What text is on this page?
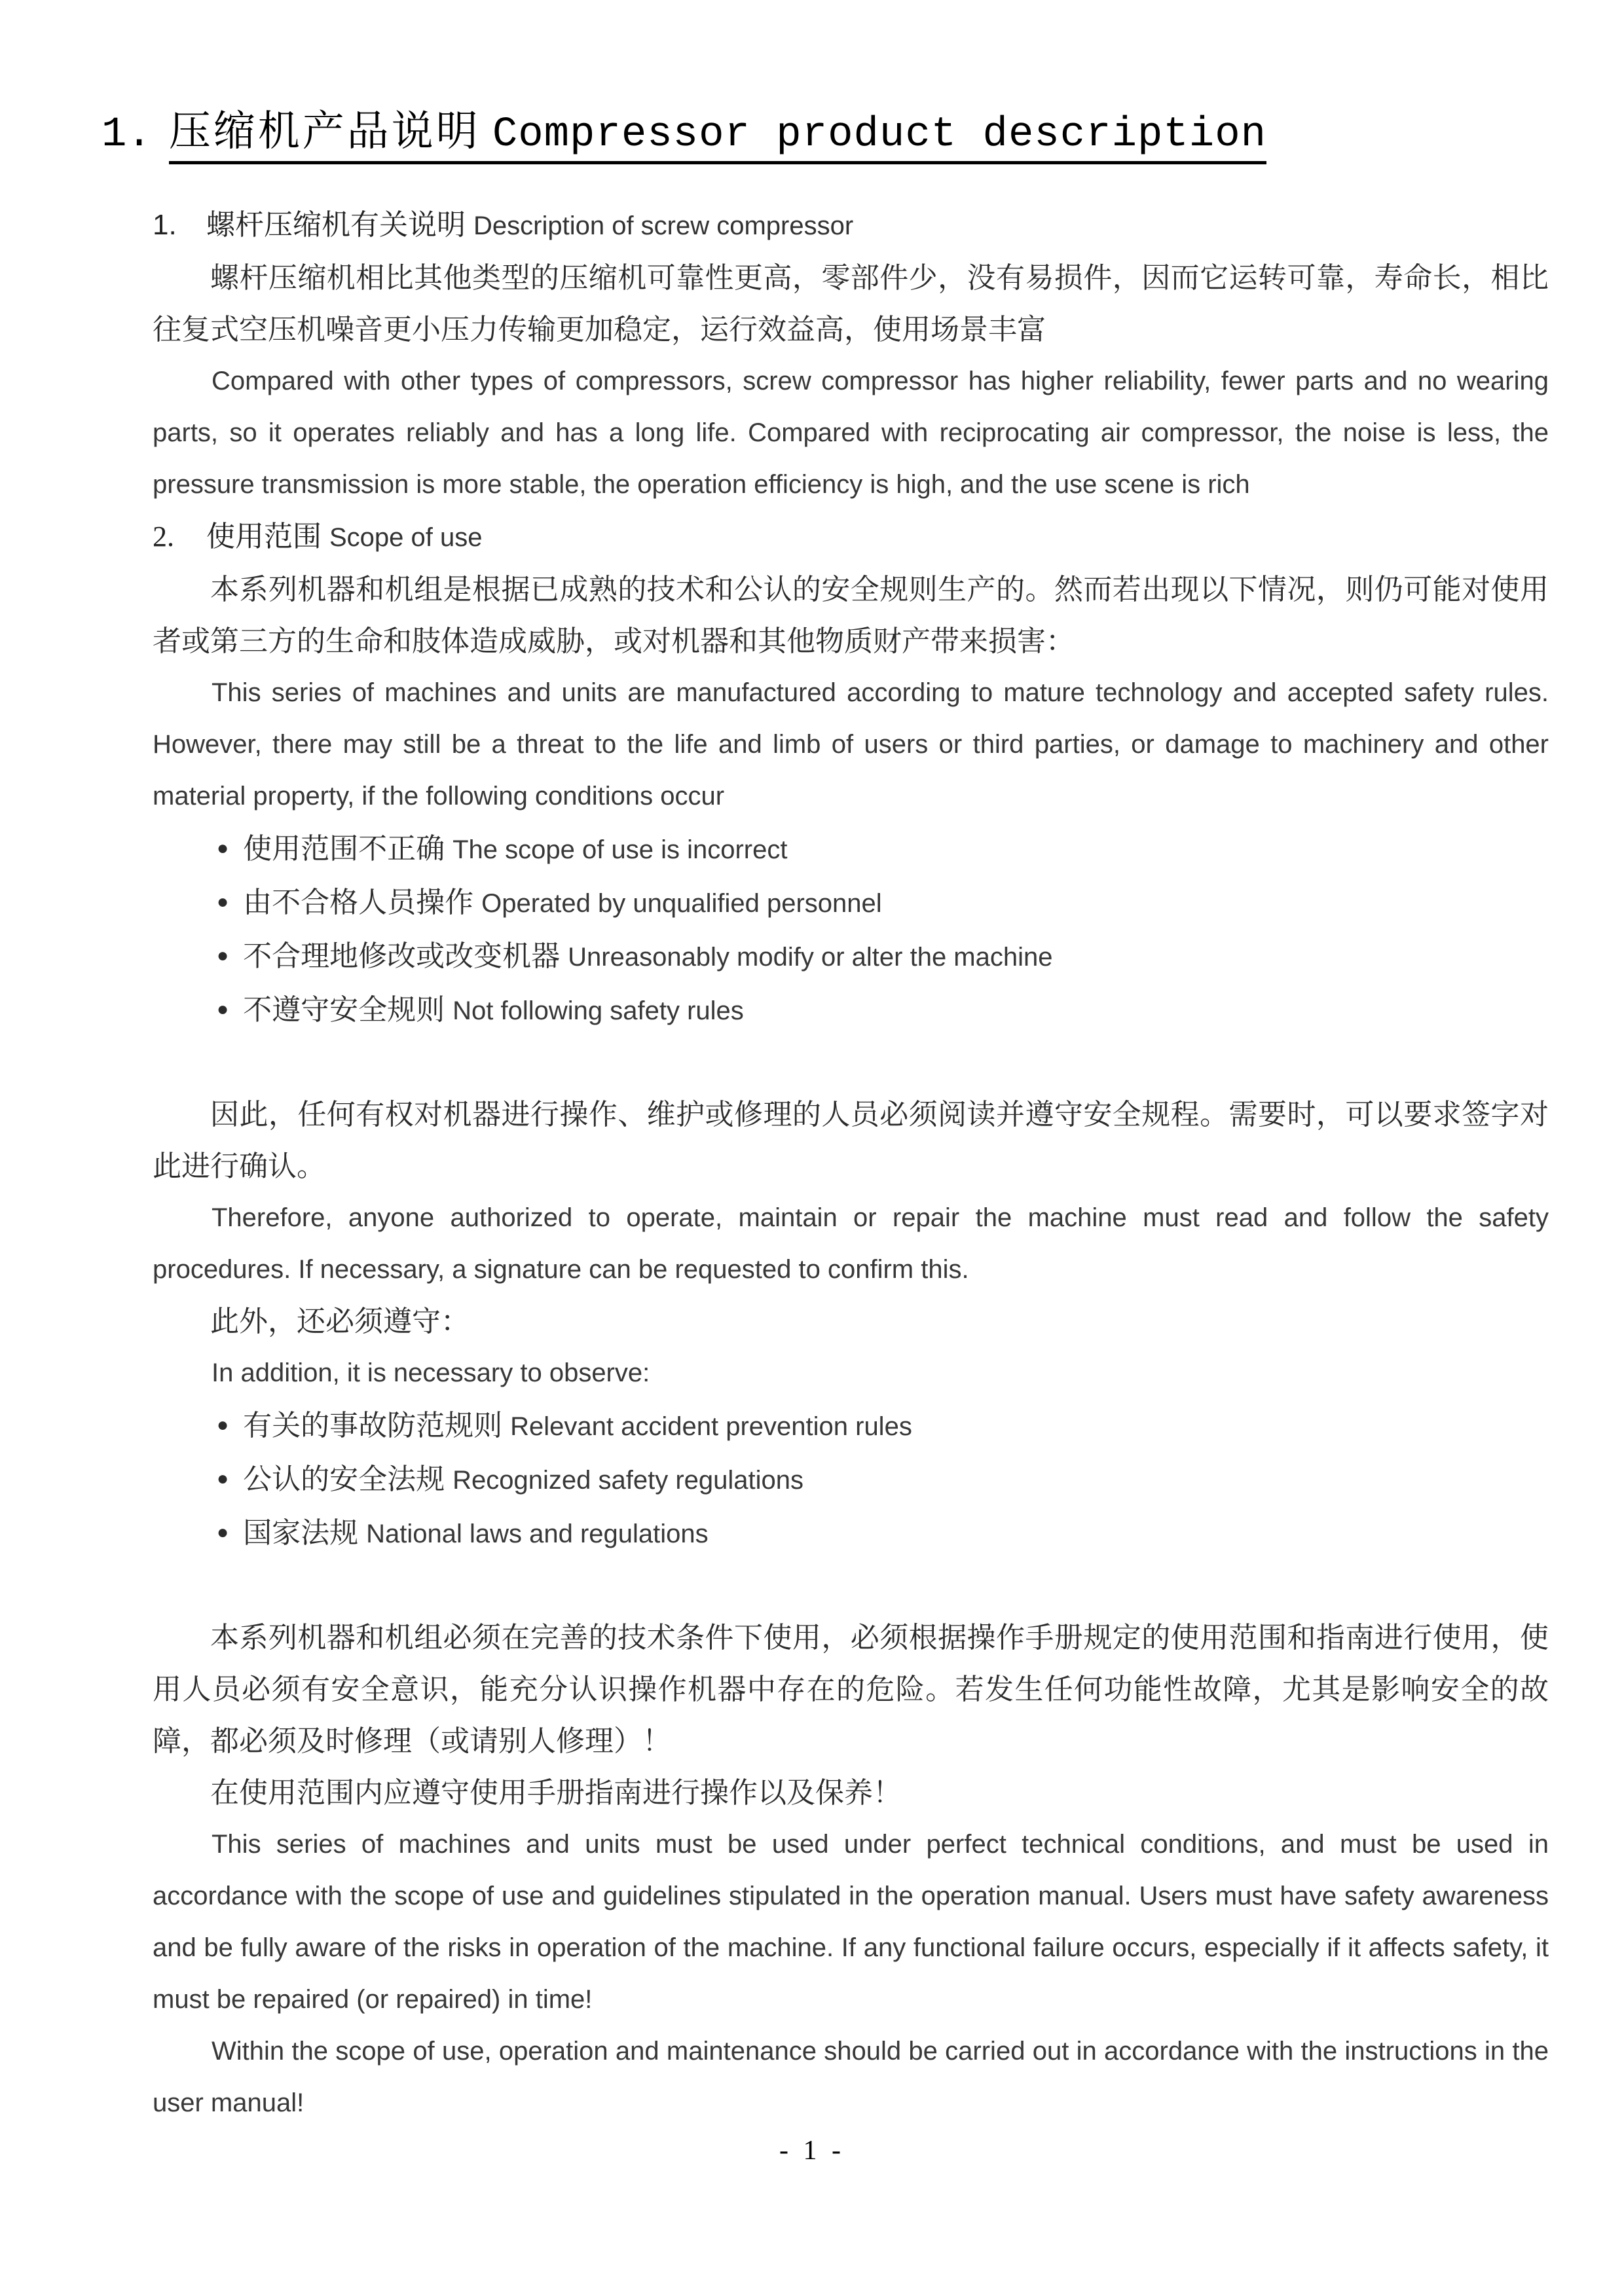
1. 压缩机产品说明 Compressor product description
1. 螺杆压缩机有关说明 Description of screw compressor

螺杆压缩机相比其他类型的压缩机可靠性更高，零部件少，没有易损件，因而它运转可靠，寿命长，相比往复式空压机噪音更小压力传输更加稳定，运行效益高，使用场景丰富

Compared with other types of compressors, screw compressor has higher reliability, fewer parts and no wearing parts, so it operates reliably and has a long life. Compared with reciprocating air compressor, the noise is less, the pressure transmission is more stable, the operation efficiency is high, and the use scene is rich

2. 使用范围 Scope of use

本系列机器和机组是根据已成熟的技术和公认的安全规则生产的。然而若出现以下情况，则仍可能对使用者或第三方的生命和肢体造成威胁，或对机器和其他物质财产带来损害：

This series of machines and units are manufactured according to mature technology and accepted safety rules. However, there may still be a threat to the life and limb of users or third parties, or damage to machinery and other material property, if the following conditions occur

● 使用范围不正确 The scope of use is incorrect
● 由不合格人员操作 Operated by unqualified personnel
● 不合理地修改或改变机器 Unreasonably modify or alter the machine
● 不遵守安全规则 Not following safety rules

因此，任何有权对机器进行操作、维护或修理的人员必须阅读并遵守安全规程。需要时，可以要求签字对此进行确认。

Therefore, anyone authorized to operate, maintain or repair the machine must read and follow the safety procedures. If necessary, a signature can be requested to confirm this.

此外，还必须遵守：

In addition, it is necessary to observe:

● 有关的事故防范规则 Relevant accident prevention rules
● 公认的安全法规 Recognized safety regulations
● 国家法规 National laws and regulations

本系列机器和机组必须在完善的技术条件下使用，必须根据操作手册规定的使用范围和指南进行使用，使用人员必须有安全意识，能充分认识操作机器中存在的危险。若发生任何功能性故障，尤其是影响安全的故障，都必须及时修理（或请别人修理）！

在使用范围内应遵守使用手册指南进行操作以及保养！

This series of machines and units must be used under perfect technical conditions, and must be used in accordance with the scope of use and guidelines stipulated in the operation manual. Users must have safety awareness and be fully aware of the risks in operation of the machine. If any functional failure occurs, especially if it affects safety, it must be repaired (or repaired) in time!

Within the scope of use, operation and maintenance should be carried out in accordance with the instructions in the user manual!

- 1 -
